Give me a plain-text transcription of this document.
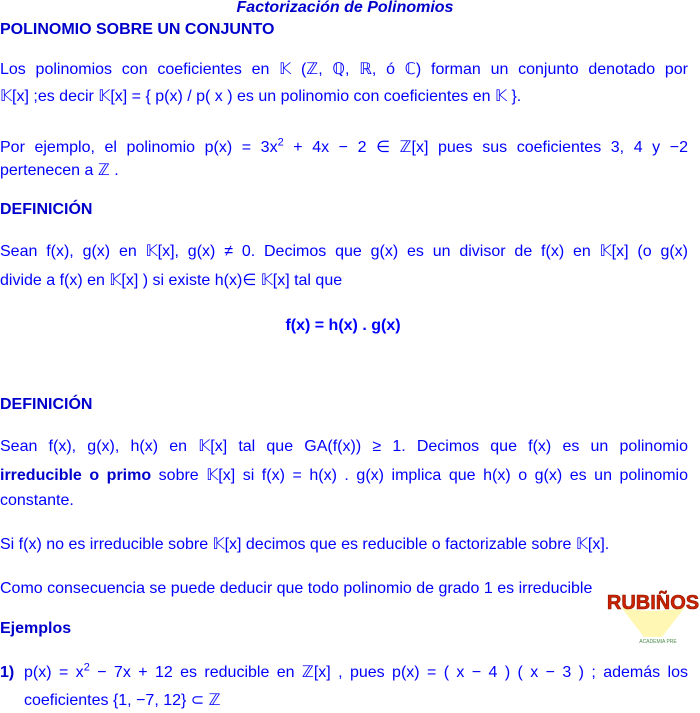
Factorización de Polinomios
POLINOMIO SOBRE UN CONJUNTO
Los polinomios con coeficientes en 𝕂 (ℤ, ℚ, ℝ, ó ℂ) forman un conjunto denotado por
𝕂[x] ;es decir 𝕂[x] = { p(x) / p( x ) es un polinomio con coeficientes en 𝕂 }.
Por ejemplo, el polinomio $p(x) = 3x^2 + 4x - 2$ ∈ ℤ[x] pues sus coeficientes 3, 4 y −2
pertenecen a ℤ .
DEFINICIÓN
Sean f(x), g(x) en 𝕂[x], g(x) ≠ 0. Decimos que g(x) es un divisor de f(x) en 𝕂[x] (o g(x)
divide a f(x) en 𝕂[x] ) si existe h(x)∈ 𝕂[x] tal que
f(x) = h(x) . g(x)
DEFINICIÓN
Sean f(x), g(x), h(x) en 𝕂[x] tal que GA(f(x)) ≥ 1. Decimos que f(x) es un polinomio
irreducible o primo sobre 𝕂[x] si f(x) = h(x) . g(x) implica que h(x) o g(x) es un polinomio
constante.
Si f(x) no es irreducible sobre 𝕂[x] decimos que es reducible o factorizable sobre 𝕂[x].
Como consecuencia se puede deducir que todo polinomio de grado 1 es irreducible
Ejemplos
1) $p(x) = x^2 - 7x + 12$ es reducible en ℤ[x] , pues p(x) = ( x − 4 ) ( x − 3 ) ; además los
coeficientes {1, −7, 12} ⊂ ℤ
RUBIÑOS
ACADEMIA PRE
